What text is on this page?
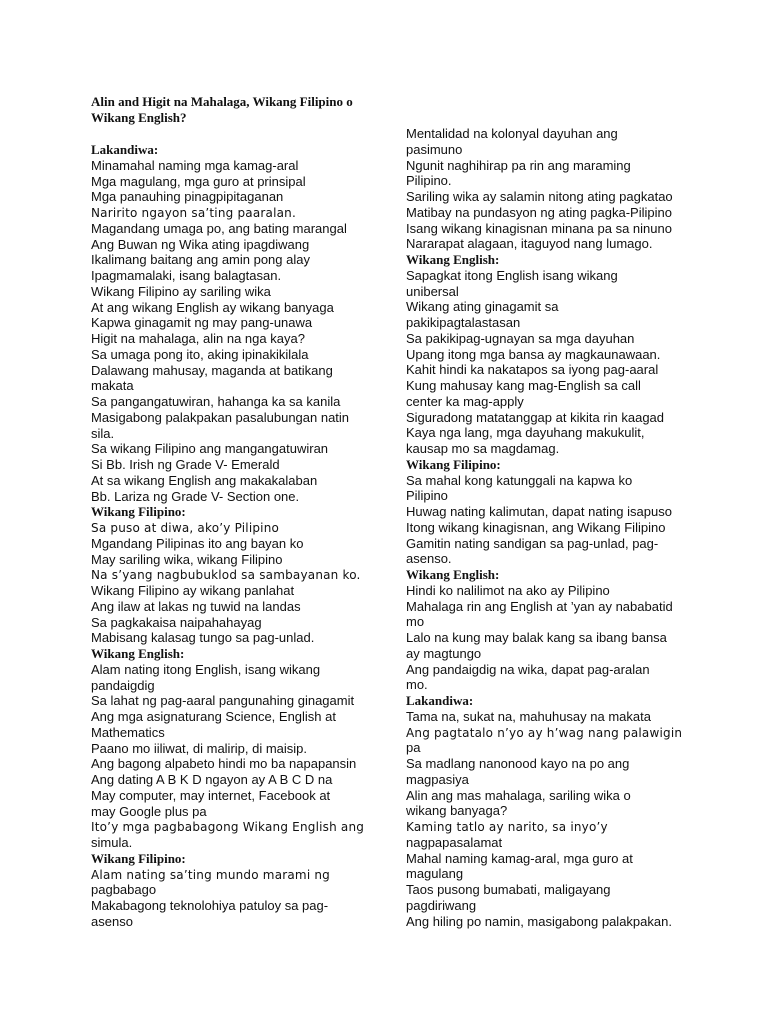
Alin and Higit na Mahalaga, Wikang Filipino o
Wikang English?
Lakandiwa:
Minamahal naming mga kamag-aral
Mga magulang, mga guro at prinsipal
Mga panauhing pinagpipitaganan
Naririto ngayon sa’ting paaralan.
Magandang umaga po, ang bating marangal
Ang Buwan ng Wika ating ipagdiwang
Ikalimang baitang ang amin pong alay
Ipagmamalaki, isang balagtasan.
Wikang Filipino ay sariling wika
At ang wikang English ay wikang banyaga
Kapwa ginagamit ng may pang-unawa
Higit na mahalaga, alin na nga kaya?
Sa umaga pong ito, aking ipinakikilala
Dalawang mahusay, maganda at batikang
makata
Sa pangangatuwiran, hahanga ka sa kanila
Masigabong palakpakan pasalubungan natin
sila.
Sa wikang Filipino ang mangangatuwiran
Si Bb. Irish ng Grade V- Emerald
At sa wikang English ang makakalaban
Bb. Lariza ng Grade V- Section one.
Wikang Filipino:
Sa puso at diwa, ako’y Pilipino
Mgandang Pilipinas ito ang bayan ko
May sariling wika, wikang Filipino
Na s’yang nagbubuklod sa sambayanan ko.
Wikang Filipino ay wikang panlahat
Ang ilaw at lakas ng tuwid na landas
Sa pagkakaisa naipahahayag
Mabisang kalasag tungo sa pag-unlad.
Wikang English:
Alam nating itong English, isang wikang
pandaigdig
Sa lahat ng pag-aaral pangunahing ginagamit
Ang mga asignaturang Science, English at
Mathematics
Paano mo iiliwat, di malirip, di maisip.
Ang bagong alpabeto hindi mo ba napapansin
Ang dating A B K D ngayon ay A B C D na
May computer, may internet, Facebook at
may Google plus pa
Ito’y mga pagbabagong Wikang English ang
simula.
Wikang Filipino:
Alam nating sa’ting mundo marami ng
pagbabago
Makabagong teknolohiya patuloy sa pag-
asenso
Mentalidad na kolonyal dayuhan ang
pasimuno
Ngunit naghihirap pa rin ang maraming
Pilipino.
Sariling wika ay salamin nitong ating pagkatao
Matibay na pundasyon ng ating pagka-Pilipino
Isang wikang kinagisnan minana pa sa ninuno
Nararapat alagaan, itaguyod nang lumago.
Wikang English:
Sapagkat itong English isang wikang
unibersal
Wikang ating ginagamit sa
pakikipagtalastasan
Sa pakikipag-ugnayan sa mga dayuhan
Upang itong mga bansa ay magkaunawaan.
Kahit hindi ka nakatapos sa iyong pag-aaral
Kung mahusay kang mag-English sa call
center ka mag-apply
Siguradong matatanggap at kikita rin kaagad
Kaya nga lang, mga dayuhang makukulit,
kausap mo sa magdamag.
Wikang Filipino:
Sa mahal kong katunggali na kapwa ko
Pilipino
Huwag nating kalimutan, dapat nating isapuso
Itong wikang kinagisnan, ang Wikang Filipino
Gamitin nating sandigan sa pag-unlad, pag-
asenso.
Wikang English:
Hindi ko nalilimot na ako ay Pilipino
Mahalaga rin ang English at ’yan ay nababatid
mo
Lalo na kung may balak kang sa ibang bansa
ay magtungo
Ang pandaigdig na wika, dapat pag-aralan
mo.
Lakandiwa:
Tama na, sukat na, mahuhusay na makata
Ang pagtatalo n’yo ay h’wag nang palawigin
pa
Sa madlang nanonood kayo na po ang
magpasiya
Alin ang mas mahalaga, sariling wika o
wikang banyaga?
Kaming tatlo ay narito, sa inyo’y
nagpapasalamat
Mahal naming kamag-aral, mga guro at
magulang
Taos pusong bumabati, maligayang
pagdiriwang
Ang hiling po namin, masigabong palakpakan.
